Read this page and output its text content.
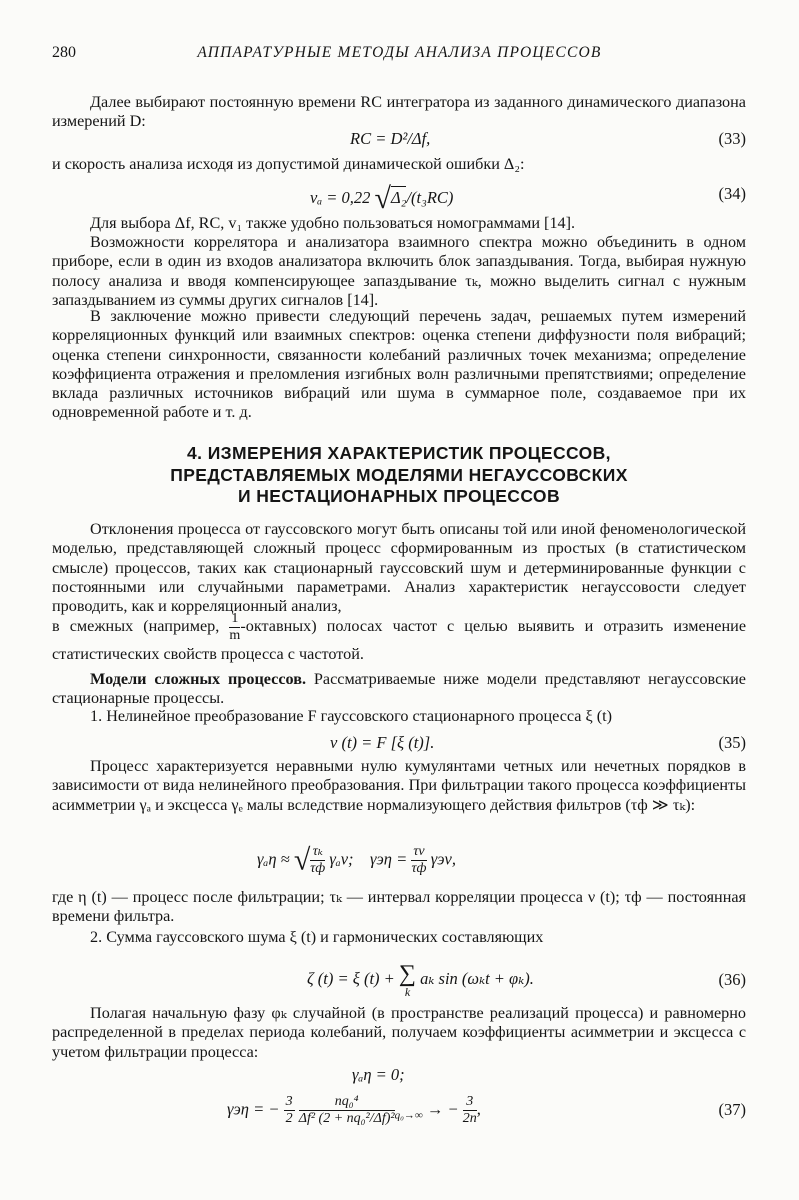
280	АППАРАТУРНЫЕ МЕТОДЫ АНАЛИЗА ПРОЦЕССОВ
Далее выбирают постоянную времени RC интегратора из заданного динамического диапазона измерений D:
RC = D²/Δf,	(33)
и скорость анализа исходя из допустимой динамической ошибки Δ₂:
vₐ = 0,22 √Δ₂/(t₃RC)	(34)
Для выбора Δf, RC, v₁ также удобно пользоваться номограммами [14].
Возможности коррелятора и анализатора взаимного спектра можно объединить в одном приборе, если в один из входов анализатора включить блок запаздывания. Тогда, выбирая нужную полосу анализа и вводя компенсирующее запаздывание τₖ, можно выделить сигнал с нужным запаздыванием из суммы других сигналов [14].
В заключение можно привести следующий перечень задач, решаемых путем измерений корреляционных функций или взаимных спектров: оценка степени диффузности поля вибраций; оценка степени синхронности, связанности колебаний различных точек механизма; определение коэффициента отражения и преломления изгибных волн различными препятствиями; определение вклада различных источников вибраций или шума в суммарное поле, создаваемое при их одновременной работе и т. д.
4. ИЗМЕРЕНИЯ ХАРАКТЕРИСТИК ПРОЦЕССОВ,
ПРЕДСТАВЛЯЕМЫХ МОДЕЛЯМИ НЕГАУССОВСКИХ
И НЕСТАЦИОНАРНЫХ ПРОЦЕССОВ
Отклонения процесса от гауссовского могут быть описаны той или иной феноменологической моделью, представляющей сложный процесс сформированным из простых (в статистическом смысле) процессов, таких как стационарный гауссовский шум и детерминированные функции с постоянными или случайными параметрами. Анализ характеристик негауссовости следует проводить, как и корреляционный анализ,
в смежных (например, $\frac{1}{m}$ -октавных) полосах частот с целью выявить и отразить изменение статистических свойств процесса с частотой.
Модели сложных процессов. Рассматриваемые ниже модели представляют негауссовские стационарные процессы.
1. Нелинейное преобразование F гауссовского стационарного процесса ξ (t)
ν (t) = F [ξ (t)].	(35)
Процесс характеризуется неравными нулю кумулянтами четных или нечетных порядков в зависимости от вида нелинейного преобразования. При фильтрации такого процесса коэффициенты асимметрии γₐ и эксцесса γₑ малы вследствие нормализующего действия фильтров (τф ≫ τₖ):
γₐη ≈ √ $\frac{\text{τₖ}}{\tau ф} \gamma_a\nu$; $\gamma э\eta = \frac{\tau\nu}{\tau ф} \gamma э\nu$,
где η (t) — процесс после фильтрации; τₖ — интервал корреляции процесса ν (t); τф — постоянная времени фильтра.
2. Сумма гауссовского шума ξ (t) и гармонических составляющих
ζ (t) = ξ (t) + ∑
k
aₖ sin (ωₖt + φₖ).	(36)
Полагая начальную фазу φₖ случайной (в пространстве реализаций процесса) и равномерно распределенной в пределах периода колебаний, получаем коэффициенты асимметрии и эксцесса с учетом фильтрации процесса:
γₐη = 0;
γэη = − $\frac{3}{2}$
$\frac{\text{nq₀⁴}}{\text{Δf² (2 + nq₀²/Δf)²}} _{q_0\to\infty}$ → − $\frac{3}{2n}$ ,	(37)
